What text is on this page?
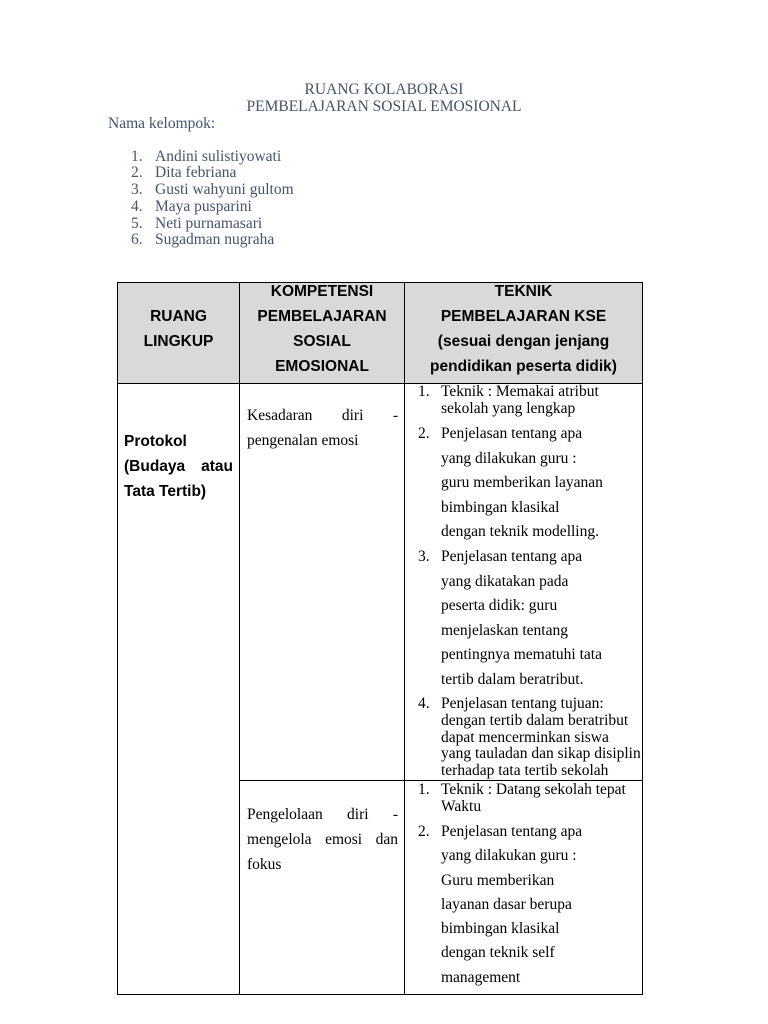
RUANG KOLABORASI
PEMBELAJARAN SOSIAL EMOSIONAL
Nama kelompok:
1. Andini sulistiyowati
2. Dita febriana
3. Gusti wahyuni gultom
4. Maya pusparini
5. Neti purnamasari
6. Sugadman nugraha
RUANG
LINGKUP
KOMPETENSI
PEMBELAJARAN
SOSIAL
EMOSIONAL
TEKNIK
PEMBELAJARAN KSE
(sesuai dengan jenjang
pendidikan peserta didik)
Protokol
(Budaya atau
Tata Tertib)
Kesadaran diri -
pengenalan emosi
1. Teknik : Memakai atribut
sekolah yang lengkap
2. Penjelasan tentang apa
yang dilakukan guru :
guru memberikan layanan
bimbingan klasikal
dengan teknik modelling.
3. Penjelasan tentang apa
yang dikatakan pada
peserta didik: guru
menjelaskan tentang
pentingnya mematuhi tata
tertib dalam beratribut.
4. Penjelasan tentang tujuan:
dengan tertib dalam beratribut
dapat mencerminkan siswa
yang tauladan dan sikap disiplin
terhadap tata tertib sekolah
Pengelolaan diri -
mengelola emosi dan
fokus
1. Teknik : Datang sekolah tepat
Waktu
2. Penjelasan tentang apa
yang dilakukan guru :
Guru memberikan
layanan dasar berupa
bimbingan klasikal
dengan teknik self
management
